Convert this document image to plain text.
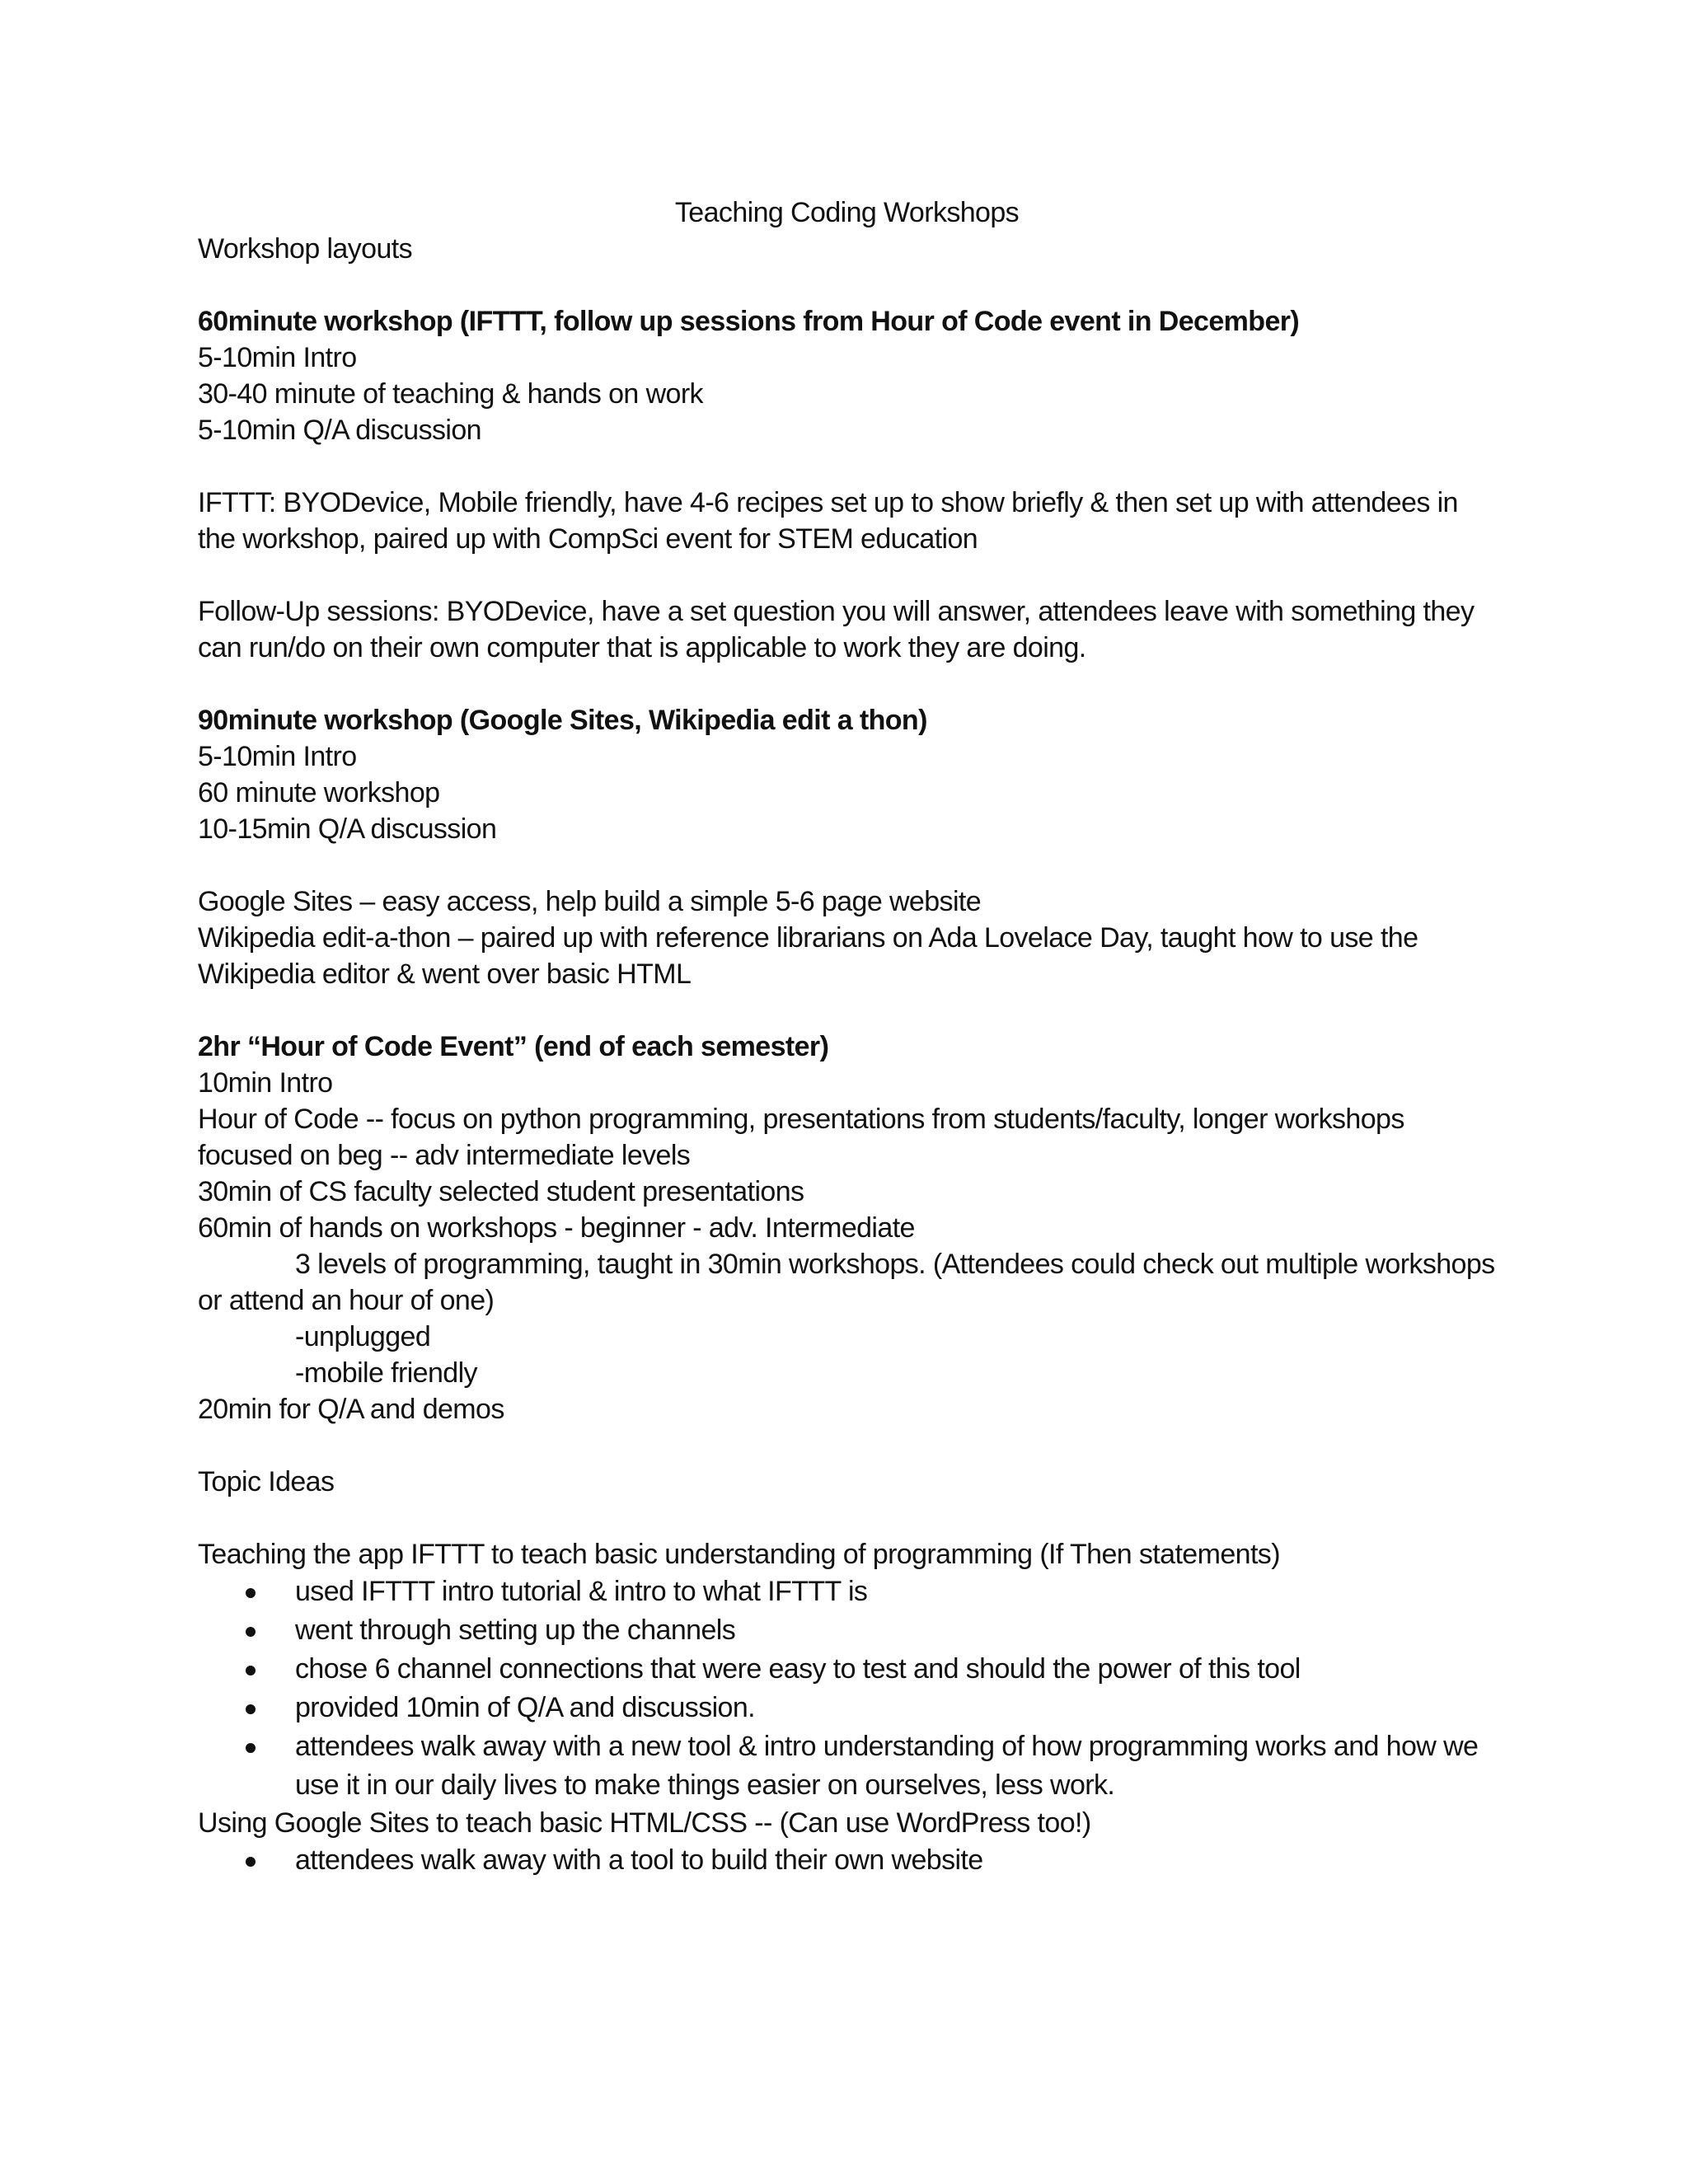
Teaching Coding Workshops

Workshop layouts

60minute workshop (IFTTT, follow up sessions from Hour of Code event in December)

5-10min Intro

30-40 minute of teaching & hands on work

5-10min Q/A discussion

IFTTT: BYODevice, Mobile friendly, have 4-6 recipes set up to show briefly & then set up with attendees in the workshop, paired up with CompSci event for STEM education

Follow-Up sessions: BYODevice, have a set question you will answer, attendees leave with something they can run/do on their own computer that is applicable to work they are doing.

90minute workshop (Google Sites, Wikipedia edit a thon)

5-10min Intro

60 minute workshop

10-15min Q/A discussion

Google Sites – easy access, help build a simple 5-6 page website

Wikipedia edit-a-thon – paired up with reference librarians on Ada Lovelace Day, taught how to use the Wikipedia editor & went over basic HTML

2hr “Hour of Code Event” (end of each semester)

10min Intro

Hour of Code -- focus on python programming, presentations from students/faculty, longer workshops focused on beg -- adv intermediate levels

30min of CS faculty selected student presentations

60min of hands on workshops - beginner - adv. Intermediate

3 levels of programming, taught in 30min workshops. (Attendees could check out multiple workshops or attend an hour of one)

-unplugged

-mobile friendly

20min for Q/A and demos

Topic Ideas

Teaching the app IFTTT to teach basic understanding of programming (If Then statements)

used IFTTT intro tutorial & intro to what IFTTT is
went through setting up the channels
chose 6 channel connections that were easy to test and should the power of this tool
provided 10min of Q/A and discussion.
attendees walk away with a new tool & intro understanding of how programming works and how we use it in our daily lives to make things easier on ourselves, less work.

Using Google Sites to teach basic HTML/CSS -- (Can use WordPress too!)

attendees walk away with a tool to build their own website
